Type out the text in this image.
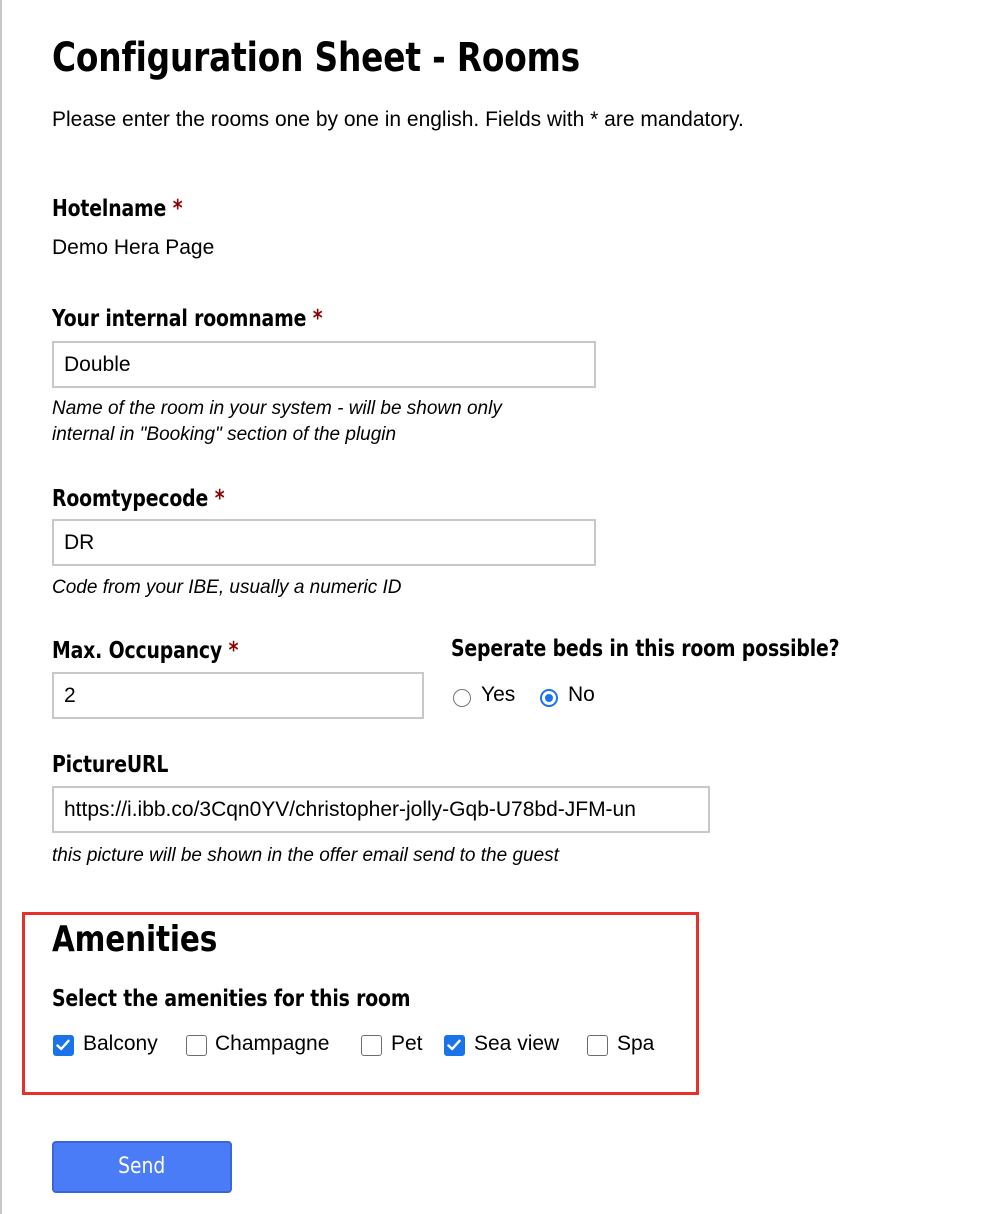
Configuration Sheet - Rooms
Please enter the rooms one by one in english. Fields with * are mandatory.
Hotelname *
Demo Hera Page
Your internal roomname *
Double
Name of the room in your system - will be shown only
internal in "Booking" section of the plugin
Roomtypecode *
DR
Code from your IBE, usually a numeric ID
Max. Occupancy *
2	Seperate beds in this room possible?
Yes	No
PictureURL
https://i.ibb.co/3Cqn0YV/christopher-jolly-Gqb-U78bd-JFM-un
this picture will be shown in the offer email send to the guest
Amenities
Select the amenities for this room
Balcony	Champagne	Pet Sea view	Spa
Send
